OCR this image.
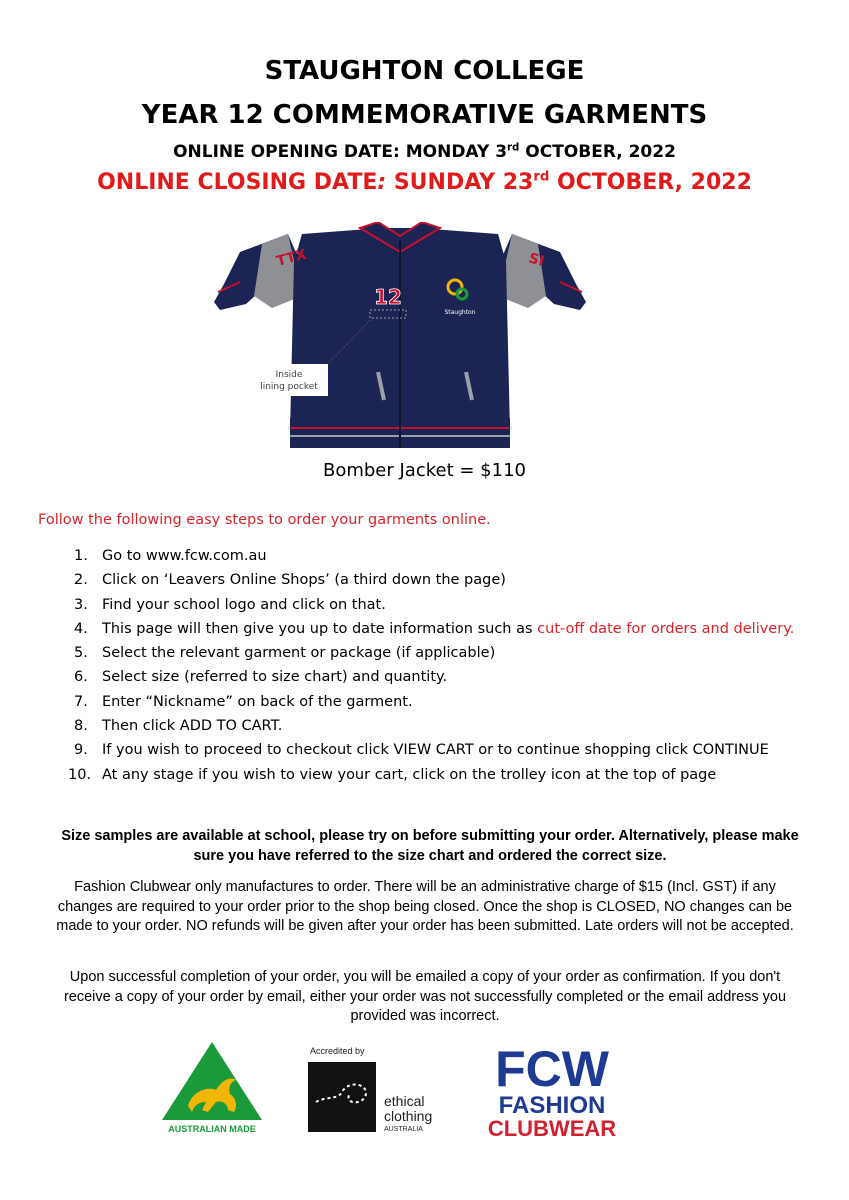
STAUGHTON COLLEGE
YEAR 12 COMMEMORATIVE GARMENTS
ONLINE OPENING DATE: MONDAY 3rd OCTOBER, 2022
ONLINE CLOSING DATE: SUNDAY 23rd OCTOBER, 2022
12
Staughton
TTX	SI
Inside
lining pocket
Bomber Jacket = $110
Follow the following easy steps to order your garments online.
1. Go to www.fcw.com.au
2. Click on ‘Leavers Online Shops’ (a third down the page)
3. Find your school logo and click on that.
4. This page will then give you up to date information such as cut-off date for orders and delivery.
5. Select the relevant garment or package (if applicable)
6. Select size (referred to size chart) and quantity.
7. Enter “Nickname” on back of the garment.
8. Then click ADD TO CART.
9. If you wish to proceed to checkout click VIEW CART or to continue shopping click CONTINUE
10. At any stage if you wish to view your cart, click on the trolley icon at the top of page
Size samples are available at school, please try on before submitting your order. Alternatively, please make sure you have referred to the size chart and ordered the correct size.
Fashion Clubwear only manufactures to order. There will be an administrative charge of $15 (Incl. GST) if any changes are required to your order prior to the shop being closed. Once the shop is CLOSED, NO changes can be made to your order. NO refunds will be given after your order has been submitted. Late orders will not be accepted.
Upon successful completion of your order, you will be emailed a copy of your order as confirmation. If you don't receive a copy of your order by email, either your order was not successfully completed or the email address you provided was incorrect.
AUSTRALIAN MADE
Accredited by
ethical
clothing
AUSTRALIA
FCW
FASHION
CLUBWEAR
